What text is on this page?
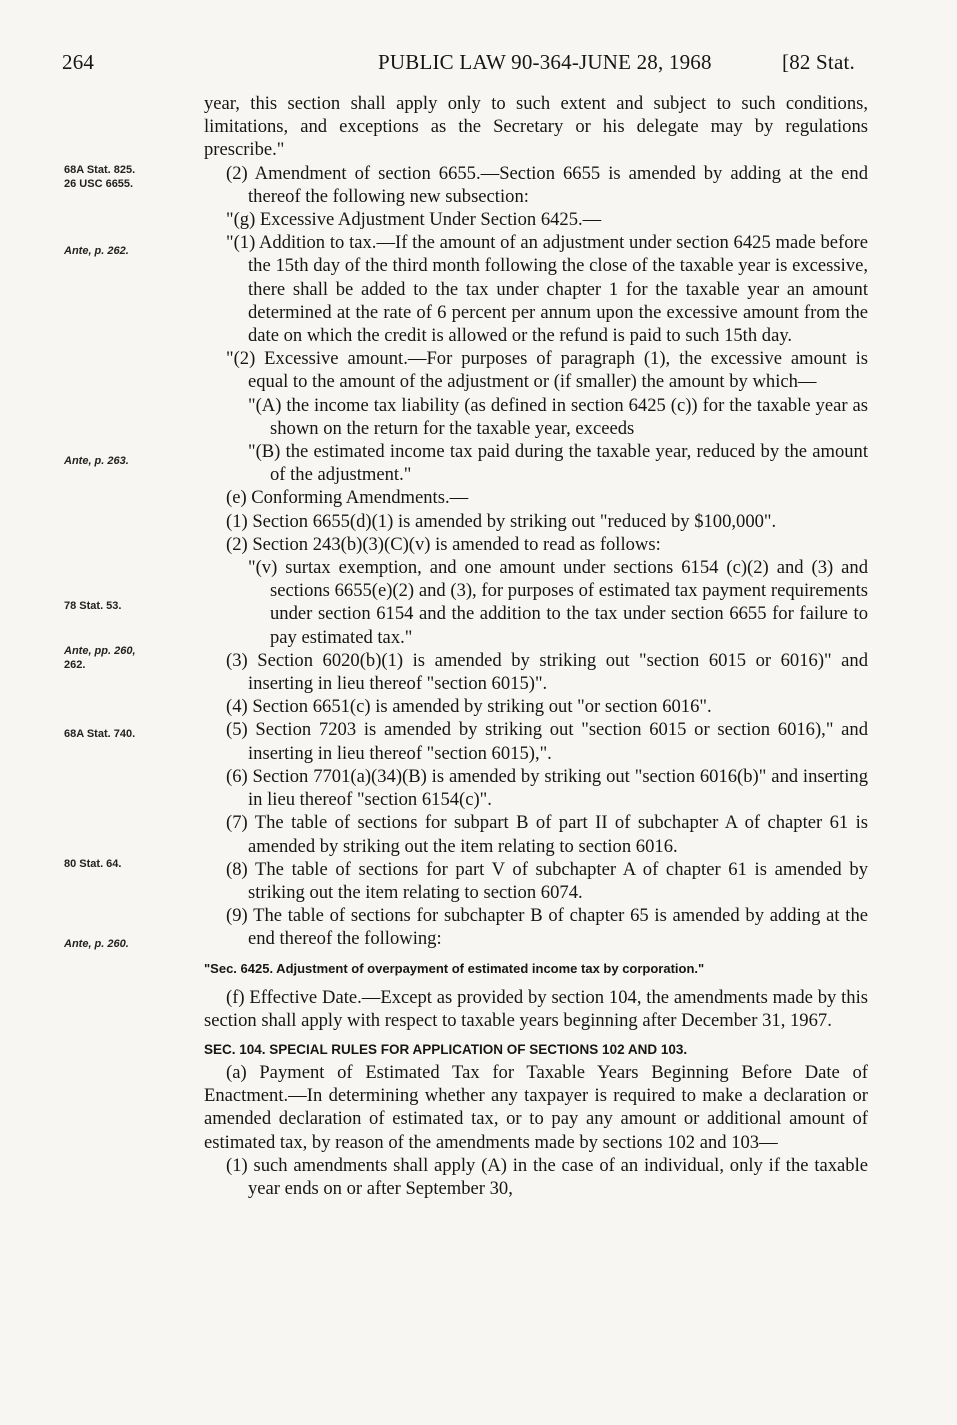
264	PUBLIC LAW 90-364-JUNE 28, 1968	[82 Stat.
68A Stat. 825.
26 USC 6655.
Ante, p. 262.
Ante, p. 263.
78 Stat. 53.
Ante, pp. 260,
262.
68A Stat. 740.
80 Stat. 64.
Ante, p. 260.

year, this section shall apply only to such extent and subject to such conditions, limitations, and exceptions as the Secretary or his delegate may by regulations prescribe."

(2) Amendment of section 6655.—Section 6655 is amended by adding at the end thereof the following new subsection:

"(g) Excessive Adjustment Under Section 6425.—

"(1) Addition to tax.—If the amount of an adjustment under section 6425 made before the 15th day of the third month following the close of the taxable year is excessive, there shall be added to the tax under chapter 1 for the taxable year an amount determined at the rate of 6 percent per annum upon the excessive amount from the date on which the credit is allowed or the refund is paid to such 15th day.

"(2) Excessive amount.—For purposes of paragraph (1), the excessive amount is equal to the amount of the adjustment or (if smaller) the amount by which—

"(A) the income tax liability (as defined in section 6425 (c)) for the taxable year as shown on the return for the taxable year, exceeds

"(B) the estimated income tax paid during the taxable year, reduced by the amount of the adjustment."

(e) Conforming Amendments.—

(1) Section 6655(d)(1) is amended by striking out "reduced by $100,000".

(2) Section 243(b)(3)(C)(v) is amended to read as follows:

"(v) surtax exemption, and one amount under sections 6154 (c)(2) and (3) and sections 6655(e)(2) and (3), for purposes of estimated tax payment requirements under section 6154 and the addition to the tax under section 6655 for failure to pay estimated tax."

(3) Section 6020(b)(1) is amended by striking out "section 6015 or 6016)" and inserting in lieu thereof "section 6015)".

(4) Section 6651(c) is amended by striking out "or section 6016".

(5) Section 7203 is amended by striking out "section 6015 or section 6016)," and inserting in lieu thereof "section 6015),".

(6) Section 7701(a)(34)(B) is amended by striking out "section 6016(b)" and inserting in lieu thereof "section 6154(c)".

(7) The table of sections for subpart B of part II of subchapter A of chapter 61 is amended by striking out the item relating to section 6016.

(8) The table of sections for part V of subchapter A of chapter 61 is amended by striking out the item relating to section 6074.

(9) The table of sections for subchapter B of chapter 65 is amended by adding at the end thereof the following:

"Sec. 6425. Adjustment of overpayment of estimated income tax by corporation."

(f) Effective Date.—Except as provided by section 104, the amendments made by this section shall apply with respect to taxable years beginning after December 31, 1967.

SEC. 104. SPECIAL RULES FOR APPLICATION OF SECTIONS 102 AND 103.

(a) Payment of Estimated Tax for Taxable Years Beginning Before Date of Enactment.—In determining whether any taxpayer is required to make a declaration or amended declaration of estimated tax, or to pay any amount or additional amount of estimated tax, by reason of the amendments made by sections 102 and 103—

(1) such amendments shall apply (A) in the case of an individual, only if the taxable year ends on or after September 30,
